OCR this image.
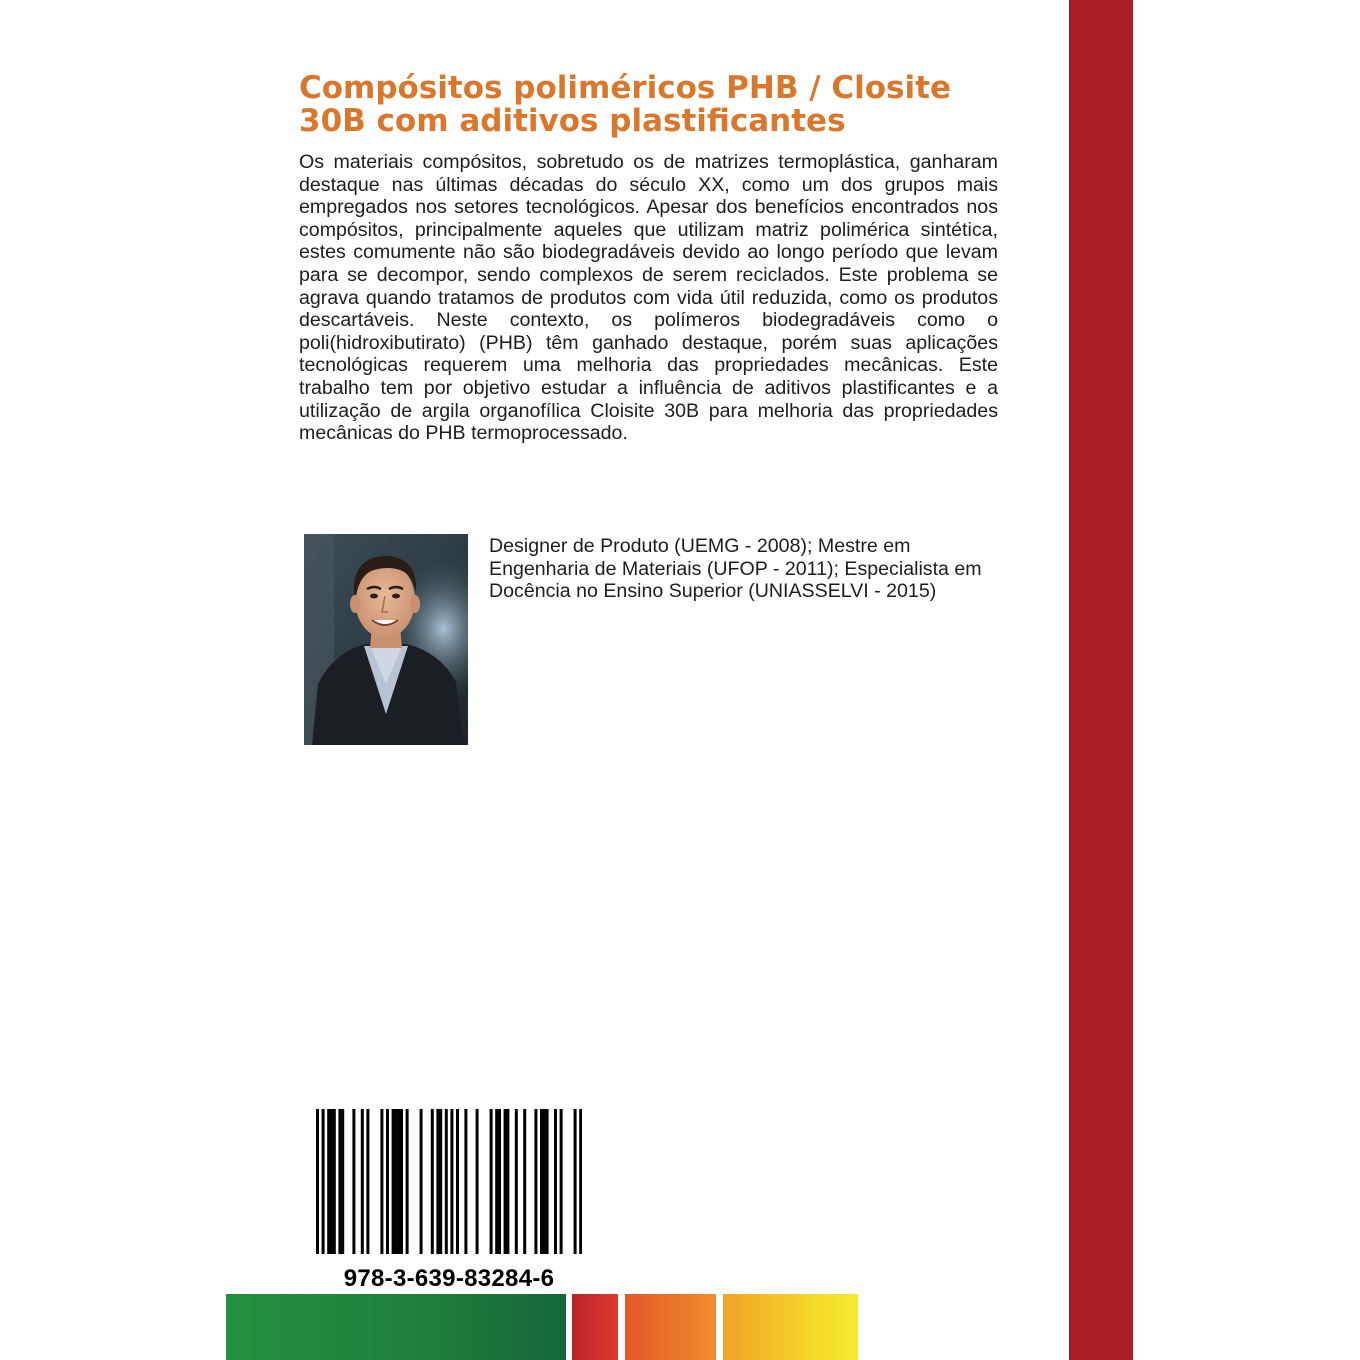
Compósitos poliméricos PHB / Closite 30B com aditivos plastificantes

Os materiais compósitos, sobretudo os de matrizes termoplástica, ganharam destaque nas últimas décadas do século XX, como um dos grupos mais empregados nos setores tecnológicos. Apesar dos benefícios encontrados nos compósitos, principalmente aqueles que utilizam matriz polimérica sintética, estes comumente não são biodegradáveis devido ao longo período que levam para se decompor, sendo complexos de serem reciclados. Este problema se agrava quando tratamos de produtos com vida útil reduzida, como os produtos descartáveis. Neste contexto, os polímeros biodegradáveis como o poli(hidroxibutirato) (PHB) têm ganhado destaque, porém suas aplicações tecnológicas requerem uma melhoria das propriedades mecânicas. Este trabalho tem por objetivo estudar a influência de aditivos plastificantes e a utilização de argila organofílica Cloisite 30B para melhoria das propriedades mecânicas do PHB termoprocessado.

Designer de Produto (UEMG - 2008); Mestre em Engenharia de Materiais (UFOP - 2011); Especialista em Docência no Ensino Superior (UNIASSELVI - 2015)

978-3-639-83284-6
